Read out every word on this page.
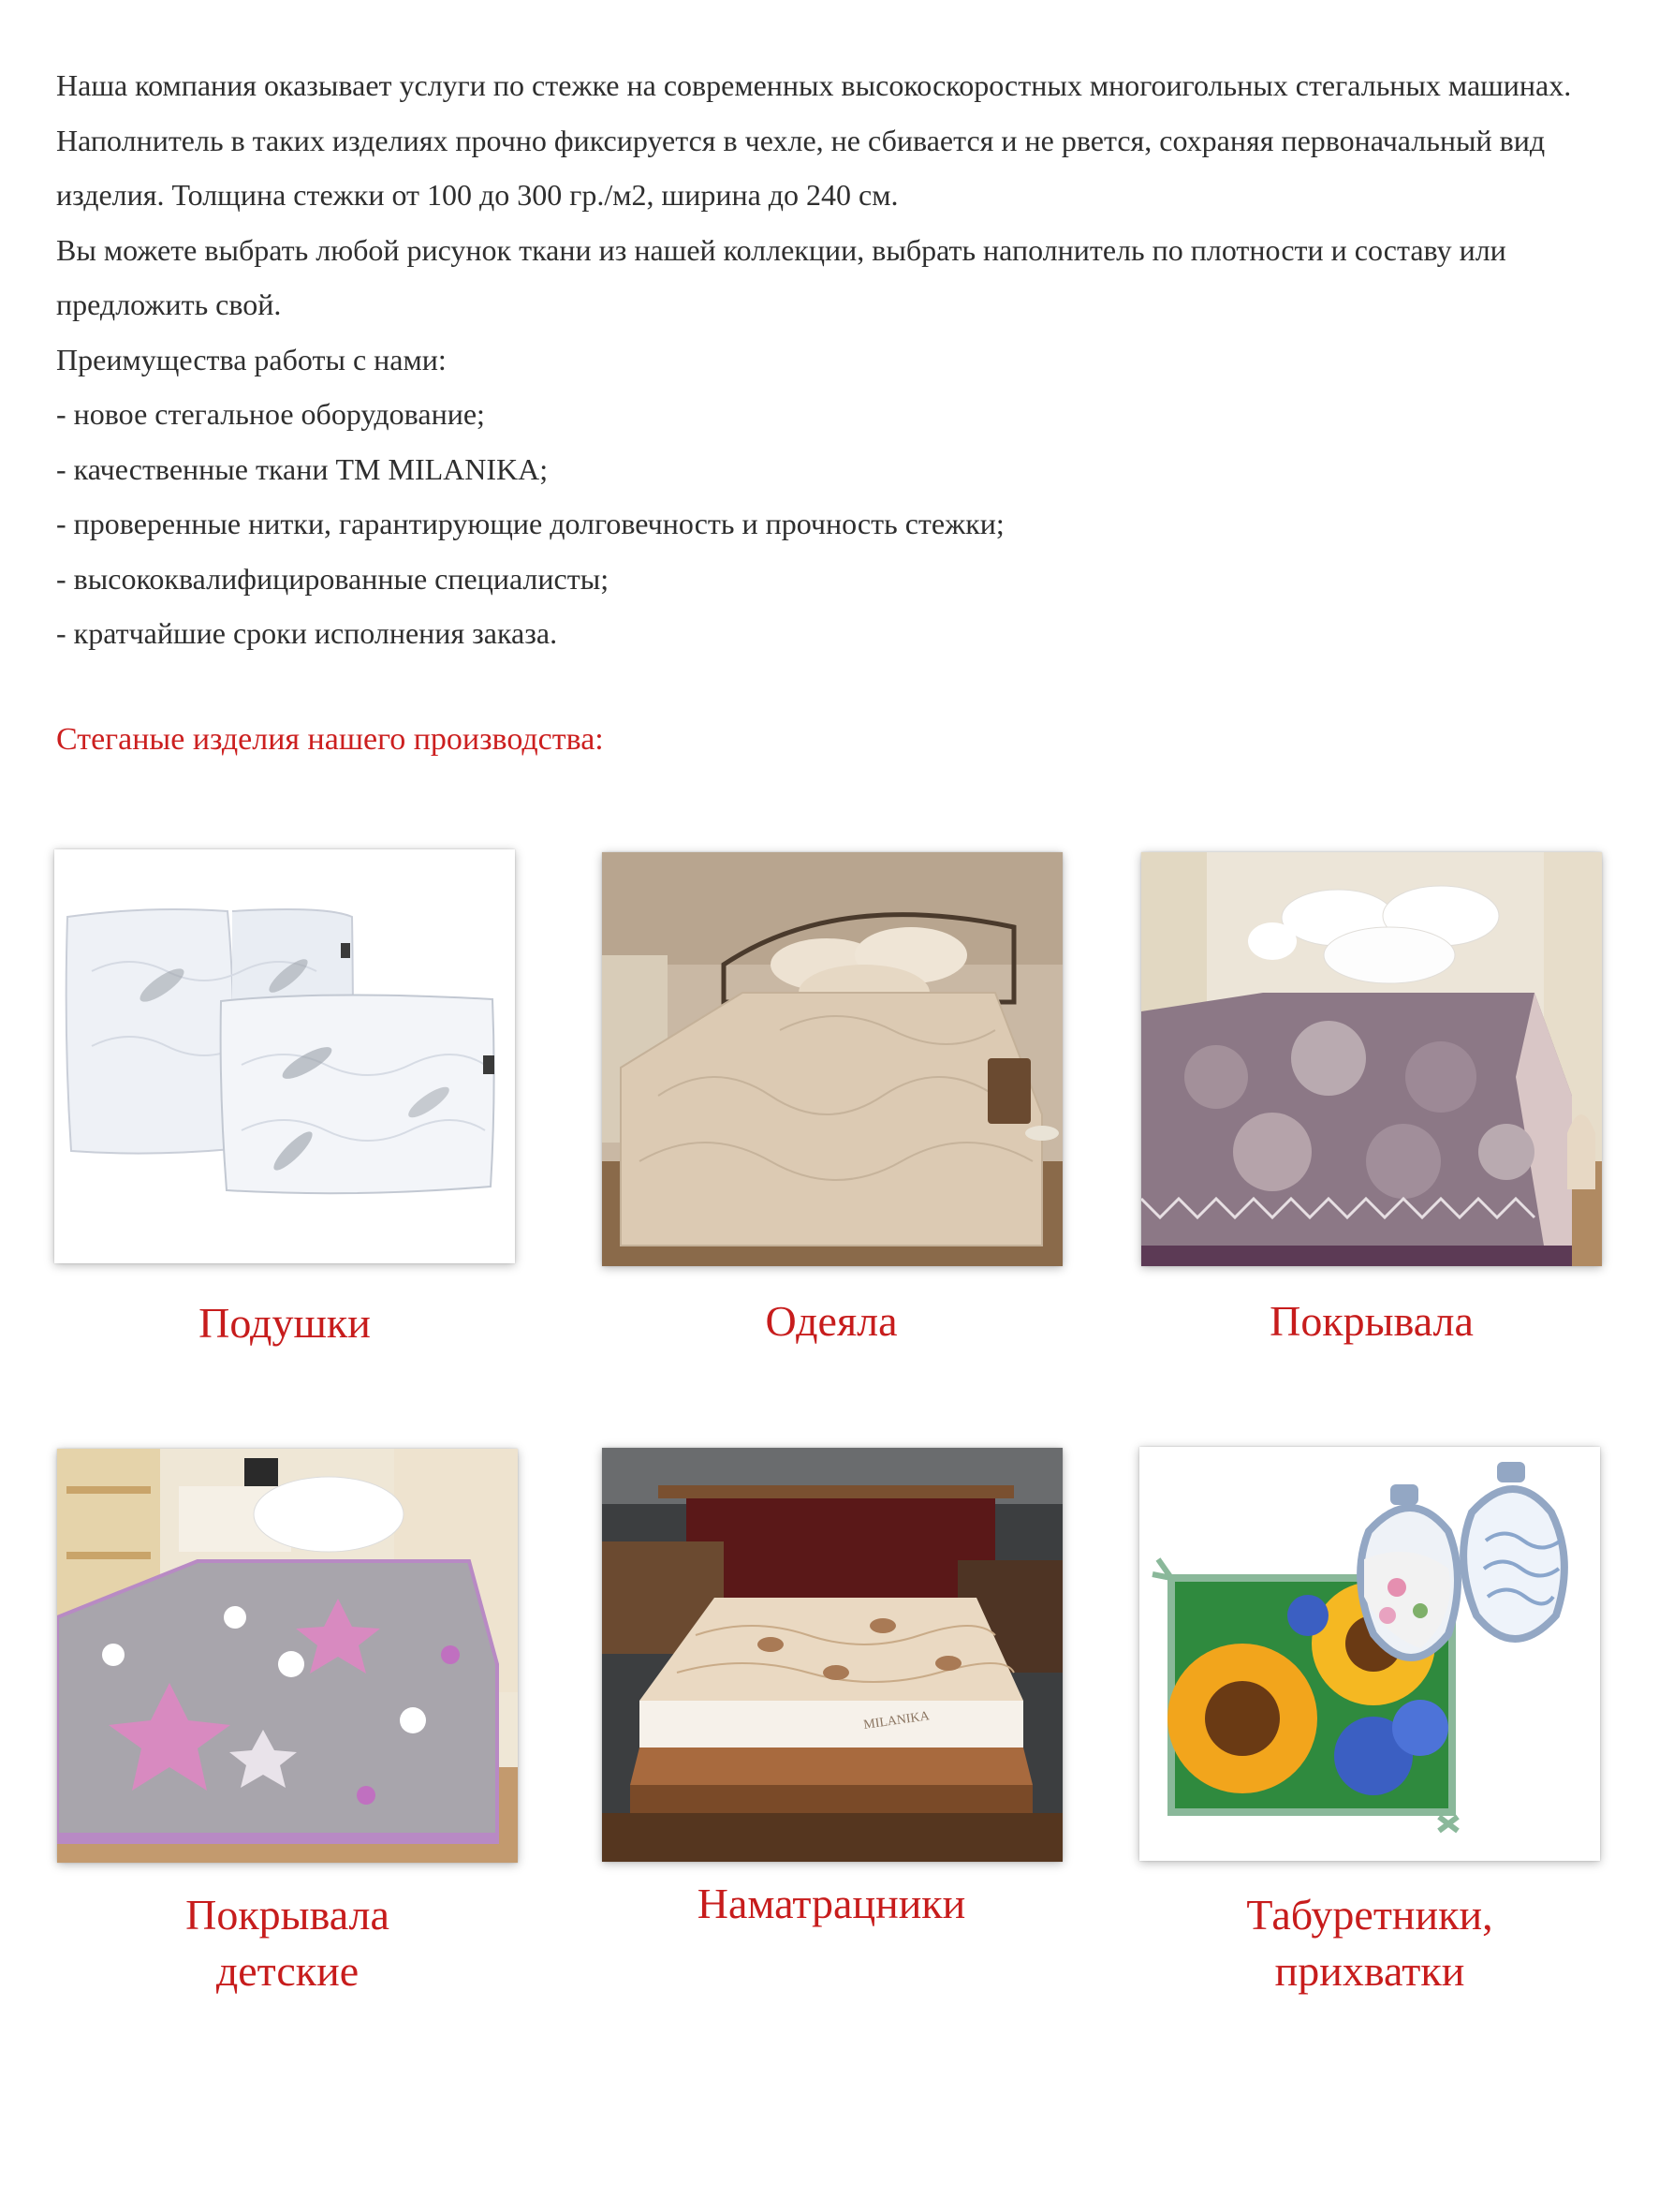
Наша компания оказывает услуги по стежке на современных высокоскоростных многоигольных стегальных машинах. Наполнитель в таких изделиях прочно фиксируется в чехле, не сбивается и не рвется, сохраняя первоначальный вид изделия. Толщина стежки от 100 до 300 гр./м2, ширина до 240 см.

Вы можете выбрать любой рисунок ткани из нашей коллекции, выбрать наполнитель по плотности и составу или предложить свой.

Преимущества работы с нами:

- новое стегальное оборудование;

- качественные ткани TM MILANIKA;

- проверенные нитки, гарантирующие долговечность и прочность стежки;

- высококвалифицированные специалисты;

- кратчайшие сроки исполнения заказа.

Стеганые изделия нашего производства:
Подушки	Одеяла	Покрывала
Покрывала
детские
MILANIKA
Наматрацники	Табуретники,
прихватки
